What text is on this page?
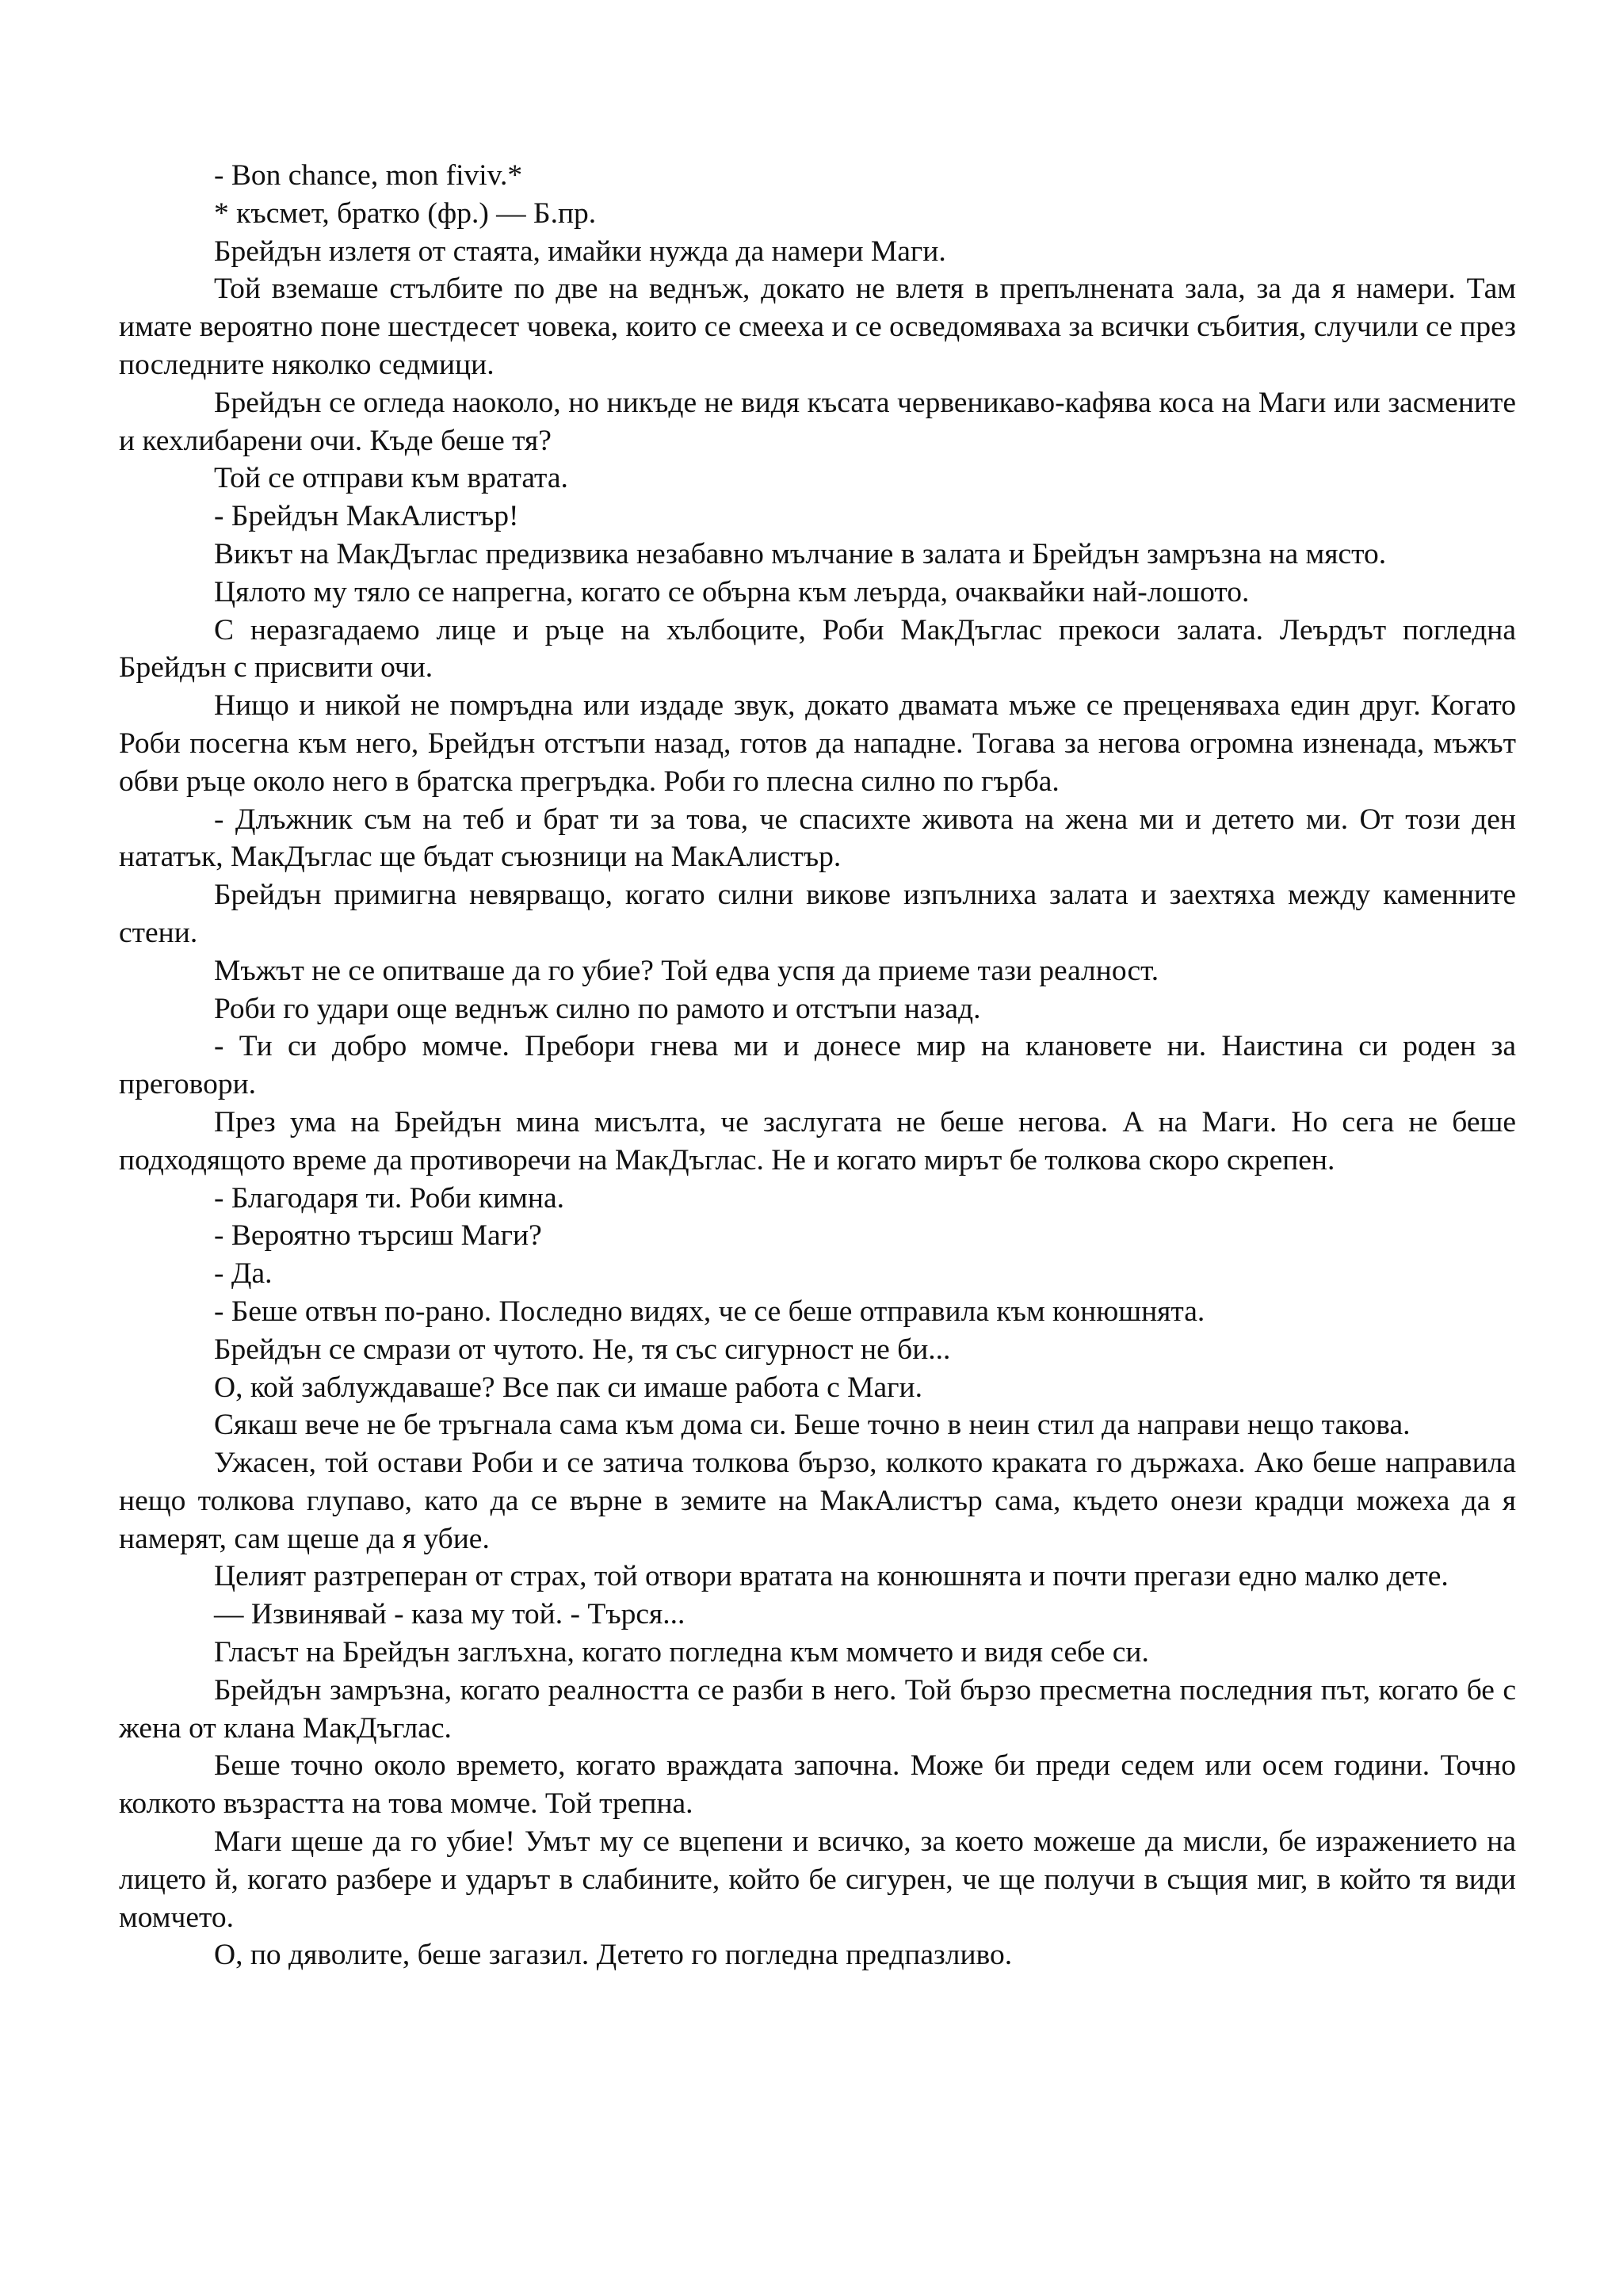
- Bon chance, mon fiviv.*

* късмет, братко (фр.) — Б.пр.

Брейдън излетя от стаята, имайки нужда да намери Маги.

Той вземаше стълбите по две на веднъж, докато не влетя в препълнената зала, за да я намери. Там имате вероятно поне шестдесет човека, които се смееха и се осведомяваха за всички събития, случили се през последните няколко седмици.

Брейдън се огледа наоколо, но никъде не видя късата червеникаво-кафява коса на Маги или засмените и кехлибарени очи. Къде беше тя?

Той се отправи към вратата.

- Брейдън МакАлистър!

Викът на МакДъглас предизвика незабавно мълчание в залата и Брейдън замръзна на място.

Цялото му тяло се напрегна, когато се обърна към леърда, очаквайки най-лошото.

С неразгадаемо лице и ръце на хълбоците, Роби МакДъглас прекоси залата. Леърдът погледна Брейдън с присвити очи.

Нищо и никой не помръдна или издаде звук, докато двамата мъже се преценяваха един друг. Когато Роби посегна към него, Брейдън отстъпи назад, готов да нападне. Тогава за негова огромна изненада, мъжът обви ръце около него в братска прегръдка. Роби го плесна силно по гърба.

- Длъжник съм на теб и брат ти за това, че спасихте живота на жена ми и детето ми. От този ден нататък, МакДъглас ще бъдат съюзници на МакАлистър.

Брейдън примигна невярващо, когато силни викове изпълниха залата и заехтяха между каменните стени.

Мъжът не се опитваше да го убие? Той едва успя да приеме тази реалност.

Роби го удари още веднъж силно по рамото и отстъпи назад.

- Ти си добро момче. Пребори гнева ми и донесе мир на клановете ни. Наистина си роден за преговори.

През ума на Брейдън мина мисълта, че заслугата не беше негова. А на Маги. Но сега не беше подходящото време да противоречи на МакДъглас. Не и когато мирът бе толкова скоро скрепен.

- Благодаря ти. Роби кимна.

- Вероятно търсиш Маги?

- Да.

- Беше отвън по-рано. Последно видях, че се беше отправила към конюшнята.

Брейдън се смрази от чутото. Не, тя със сигурност не би...

О, кой заблуждаваше? Все пак си имаше работа с Маги.

Сякаш вече не бе тръгнала сама към дома си. Беше точно в неин стил да направи нещо такова.

Ужасен, той остави Роби и се затича толкова бързо, колкото краката го държаха. Ако беше направила нещо толкова глупаво, като да се върне в земите на МакАлистър сама, където онези крадци можеха да я намерят, сам щеше да я убие.

Целият разтреперан от страх, той отвори вратата на конюшнята и почти прегази едно малко дете.

— Извинявай - каза му той. - Търся...

Гласът на Брейдън заглъхна, когато погледна към момчето и видя себе си.

Брейдън замръзна, когато реалността се разби в него. Той бързо пресметна последния път, когато бе с жена от клана МакДъглас.

Беше точно около времето, когато враждата започна. Може би преди седем или осем години. Точно колкото възрастта на това момче. Той трепна.

Маги щеше да го убие! Умът му се вцепени и всичко, за което можеше да мисли, бе изражението на лицето й, когато разбере и ударът в слабините, който бе сигурен, че ще получи в същия миг, в който тя види момчето.

О, по дяволите, беше загазил. Детето го погледна предпазливо.
